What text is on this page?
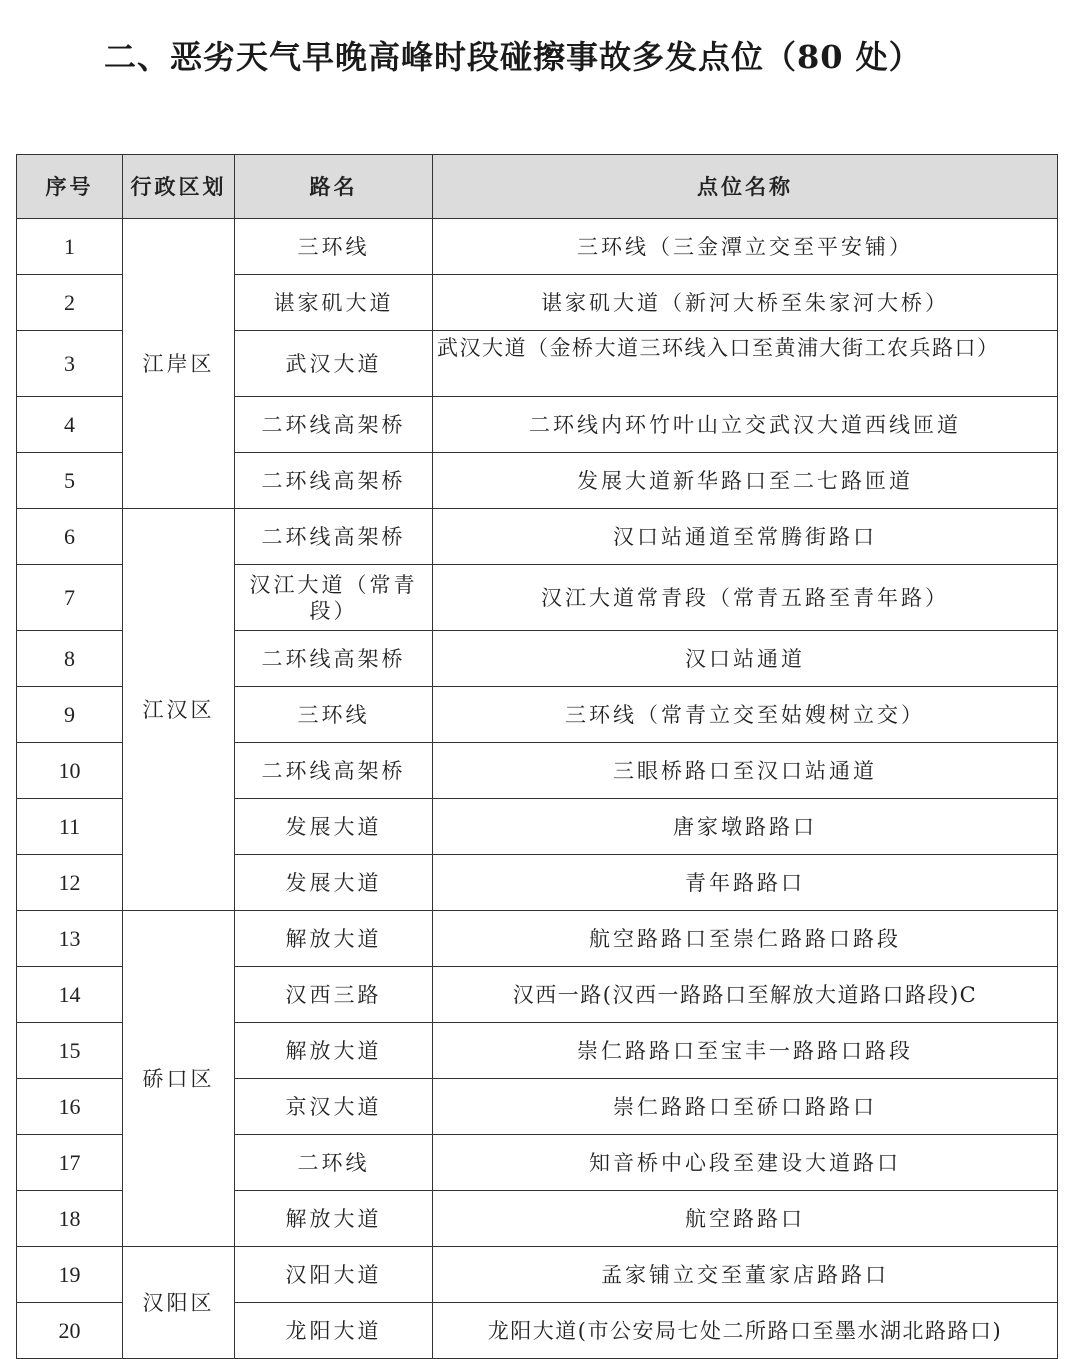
二、恶劣天气早晚高峰时段碰擦事故多发点位（80 处）
序号	行政区划	路名	点位名称
1	江岸区	三环线	三环线（三金潭立交至平安铺）
2		谌家矶大道	谌家矶大道（新河大桥至朱家河大桥）
3		武汉大道	武汉大道（金桥大道三环线入口至黄浦大街工农兵路口）
4		二环线高架桥	二环线内环竹叶山立交武汉大道西线匝道
5		二环线高架桥	发展大道新华路口至二七路匝道
6	江汉区	二环线高架桥	汉口站通道至常腾街路口
7		汉江大道（常青段）	汉江大道常青段（常青五路至青年路）
8		二环线高架桥	汉口站通道
9		三环线	三环线（常青立交至姑嫂树立交）
10		二环线高架桥	三眼桥路口至汉口站通道
11		发展大道	唐家墩路路口
12		发展大道	青年路路口
13	硚口区	解放大道	航空路路口至崇仁路路口路段
14		汉西三路	汉西一路(汉西一路路口至解放大道路口路段)C
15		解放大道	崇仁路路口至宝丰一路路口路段
16		京汉大道	崇仁路路口至硚口路路口
17		二环线	知音桥中心段至建设大道路口
18		解放大道	航空路路口
19	汉阳区	汉阳大道	孟家铺立交至董家店路路口
20		龙阳大道	龙阳大道(市公安局七处二所路口至墨水湖北路路口)
